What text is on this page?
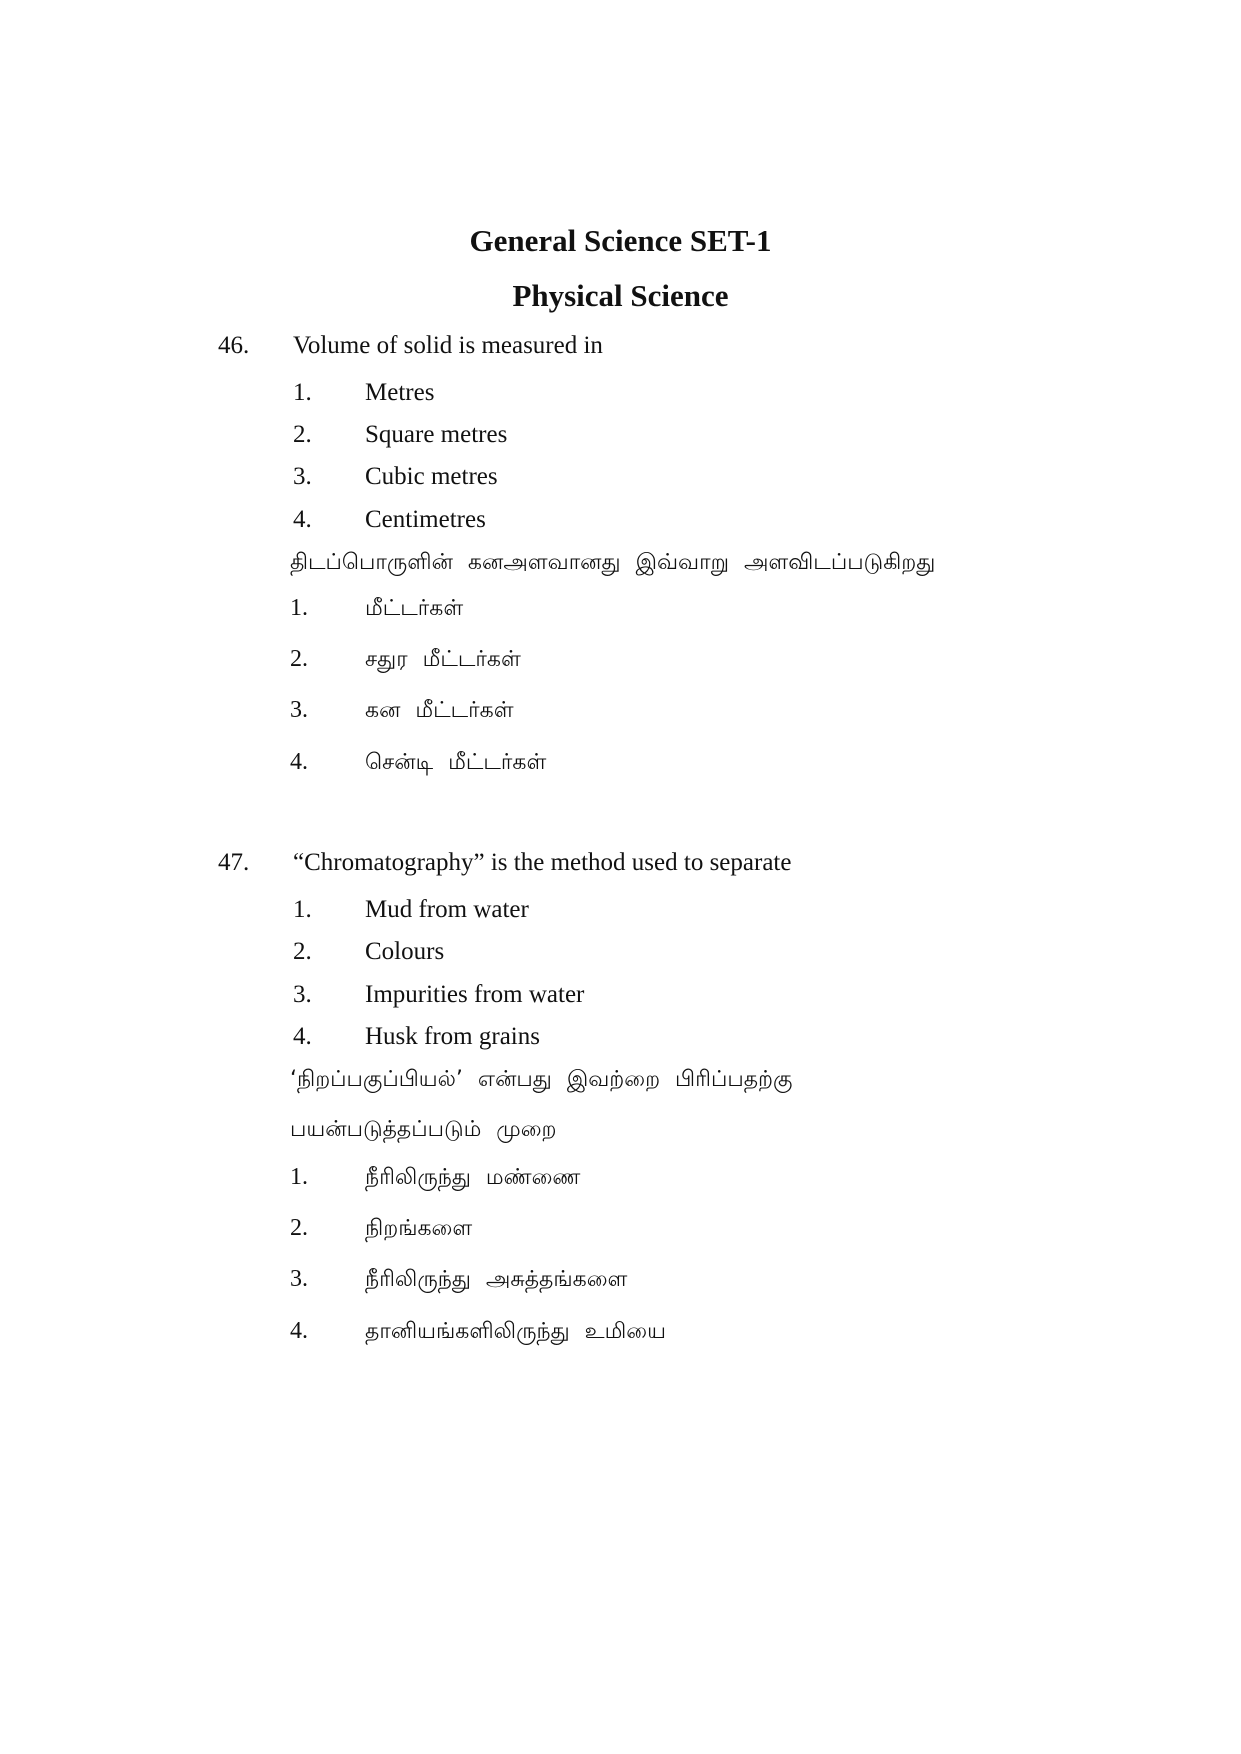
General Science SET-1
Physical Science
46. Volume of solid is measured in
1. Metres
2. Square metres
3. Cubic metres
4. Centimetres
திடப்பொருளின் கனஅளவானது இவ்வாறு அளவிடப்படுகிறது
1.	மீட்டர்கள்
2.	சதுர மீட்டர்கள்
3.	கன மீட்டர்கள்
4.	சென்டி மீட்டர்கள்
47. “Chromatography” is the method used to separate
1. Mud from water
2. Colours
3. Impurities from water
4. Husk from grains
‘நிறப்பகுப்பியல்’ என்பது இவற்றை பிரிப்பதற்கு
பயன்படுத்தப்படும் முறை
1.	நீரிலிருந்து மண்ணை
2.	நிறங்களை
3.	நீரிலிருந்து அசுத்தங்களை
4.	தானியங்களிலிருந்து உமியை
